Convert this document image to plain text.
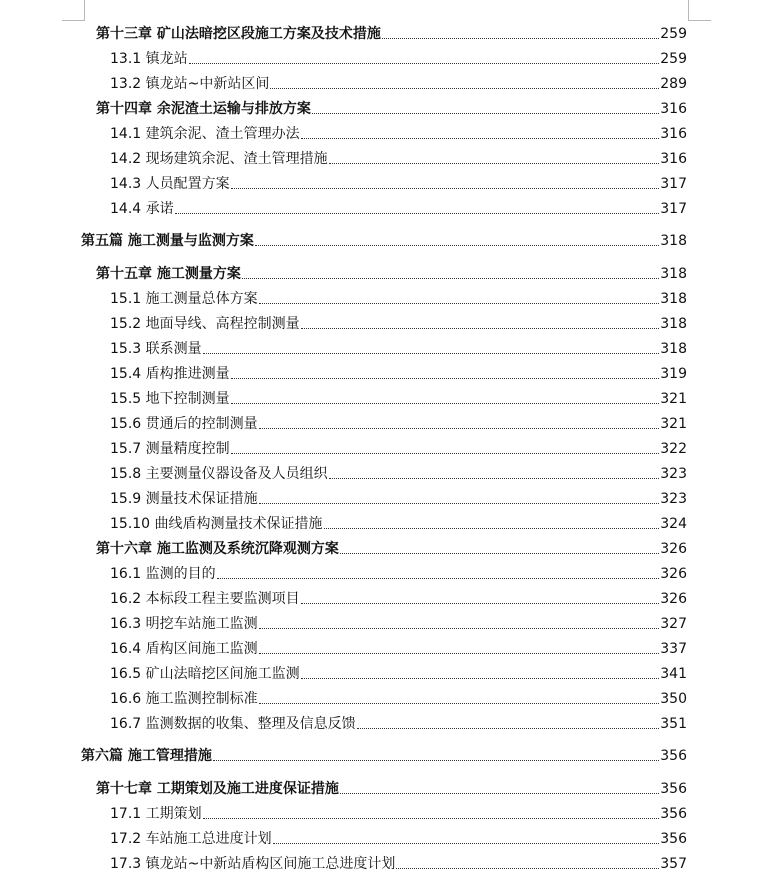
第十三章 矿山法暗挖区段施工方案及技术措施	259
13.1 镇龙站	259
13.2 镇龙站~中新站区间	289
第十四章 余泥渣土运输与排放方案	316
14.1 建筑余泥、渣土管理办法	316
14.2 现场建筑余泥、渣土管理措施	316
14.3 人员配置方案	317
14.4 承诺	317
第五篇 施工测量与监测方案	318
第十五章 施工测量方案	318
15.1 施工测量总体方案	318
15.2 地面导线、高程控制测量	318
15.3 联系测量	318
15.4 盾构推进测量	319
15.5 地下控制测量	321
15.6 贯通后的控制测量	321
15.7 测量精度控制	322
15.8 主要测量仪器设备及人员组织	323
15.9 测量技术保证措施	323
15.10 曲线盾构测量技术保证措施	324
第十六章 施工监测及系统沉降观测方案	326
16.1 监测的目的	326
16.2 本标段工程主要监测项目	326
16.3 明挖车站施工监测	327
16.4 盾构区间施工监测	337
16.5 矿山法暗挖区间施工监测	341
16.6 施工监测控制标准	350
16.7 监测数据的收集、整理及信息反馈	351
第六篇 施工管理措施	356
第十七章 工期策划及施工进度保证措施	356
17.1 工期策划	356
17.2 车站施工总进度计划	356
17.3 镇龙站~中新站盾构区间施工总进度计划	357
